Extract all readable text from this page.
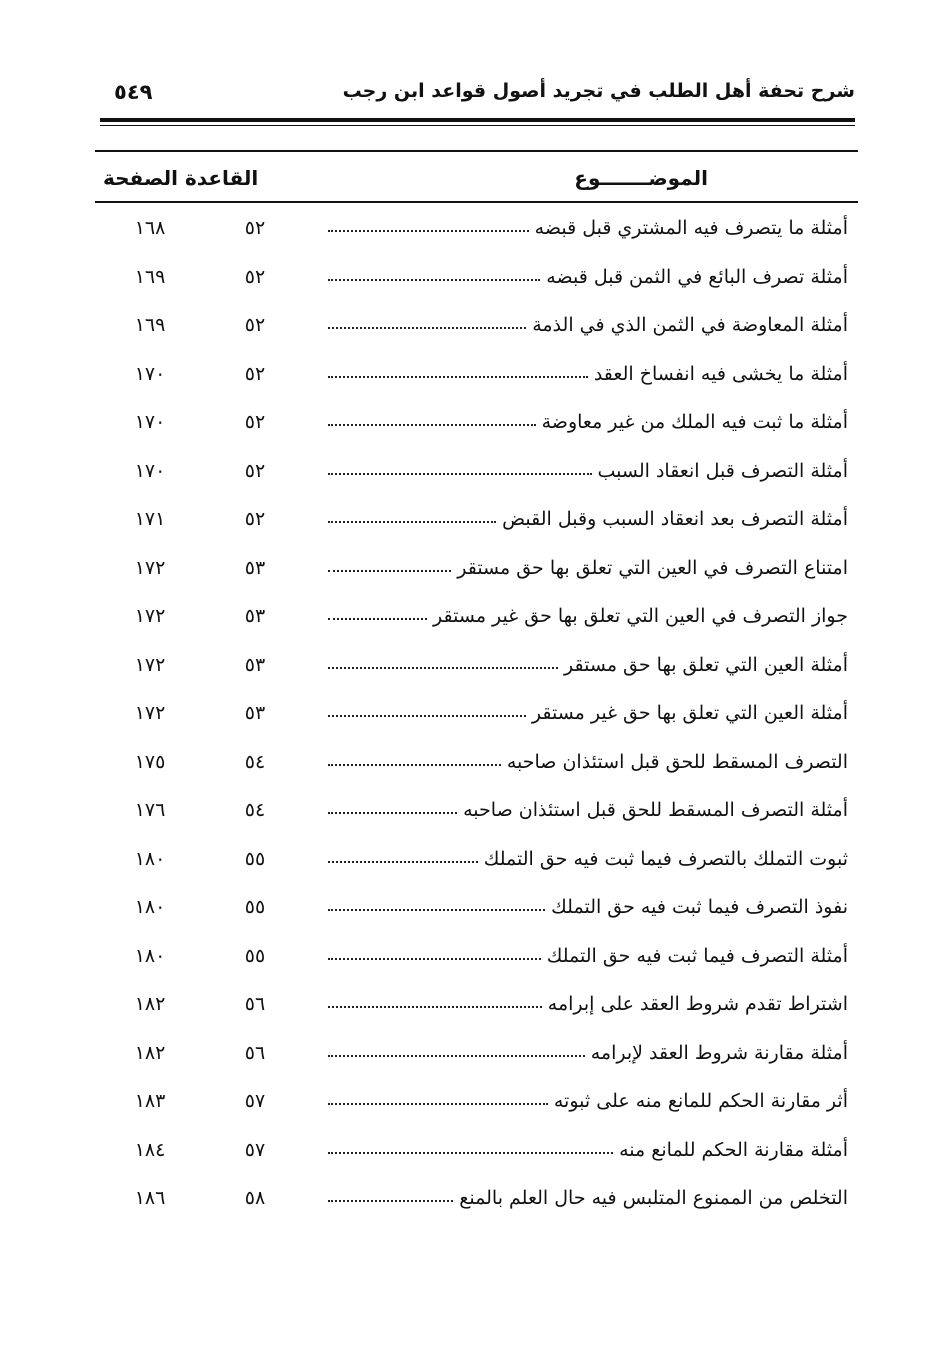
شرح تحفة أهل الطلب في تجريد أصول قواعد ابن رجب
٥٤٩
الموضـــــــوع
القاعدة
الصفحة
أمثلة ما يتصرف فيه المشتري قبل قبضه
٥٢
١٦٨
أمثلة تصرف البائع في الثمن قبل قبضه
٥٢
١٦٩
أمثلة المعاوضة في الثمن الذي في الذمة
٥٢
١٦٩
أمثلة ما يخشى فيه انفساخ العقد
٥٢
١٧٠
أمثلة ما ثبت فيه الملك من غير معاوضة
٥٢
١٧٠
أمثلة التصرف قبل انعقاد السبب
٥٢
١٧٠
أمثلة التصرف بعد انعقاد السبب وقبل القبض
٥٢
١٧١
امتناع التصرف في العين التي تعلق بها حق مستقر
٥٣
١٧٢
جواز التصرف في العين التي تعلق بها حق غير مستقر
٥٣
١٧٢
أمثلة العين التي تعلق بها حق مستقر
٥٣
١٧٢
أمثلة العين التي تعلق بها حق غير مستقر
٥٣
١٧٢
التصرف المسقط للحق قبل استئذان صاحبه
٥٤
١٧٥
أمثلة التصرف المسقط للحق قبل استئذان صاحبه
٥٤
١٧٦
ثبوت التملك بالتصرف فيما ثبت فيه حق التملك
٥٥
١٨٠
نفوذ التصرف فيما ثبت فيه حق التملك
٥٥
١٨٠
أمثلة التصرف فيما ثبت فيه حق التملك
٥٥
١٨٠
اشتراط تقدم شروط العقد على إبرامه
٥٦
١٨٢
أمثلة مقارنة شروط العقد لإبرامه
٥٦
١٨٢
أثر مقارنة الحكم للمانع منه على ثبوته
٥٧
١٨٣
أمثلة مقارنة الحكم للمانع منه
٥٧
١٨٤
التخلص من الممنوع المتلبس فيه حال العلم بالمنع
٥٨
١٨٦
